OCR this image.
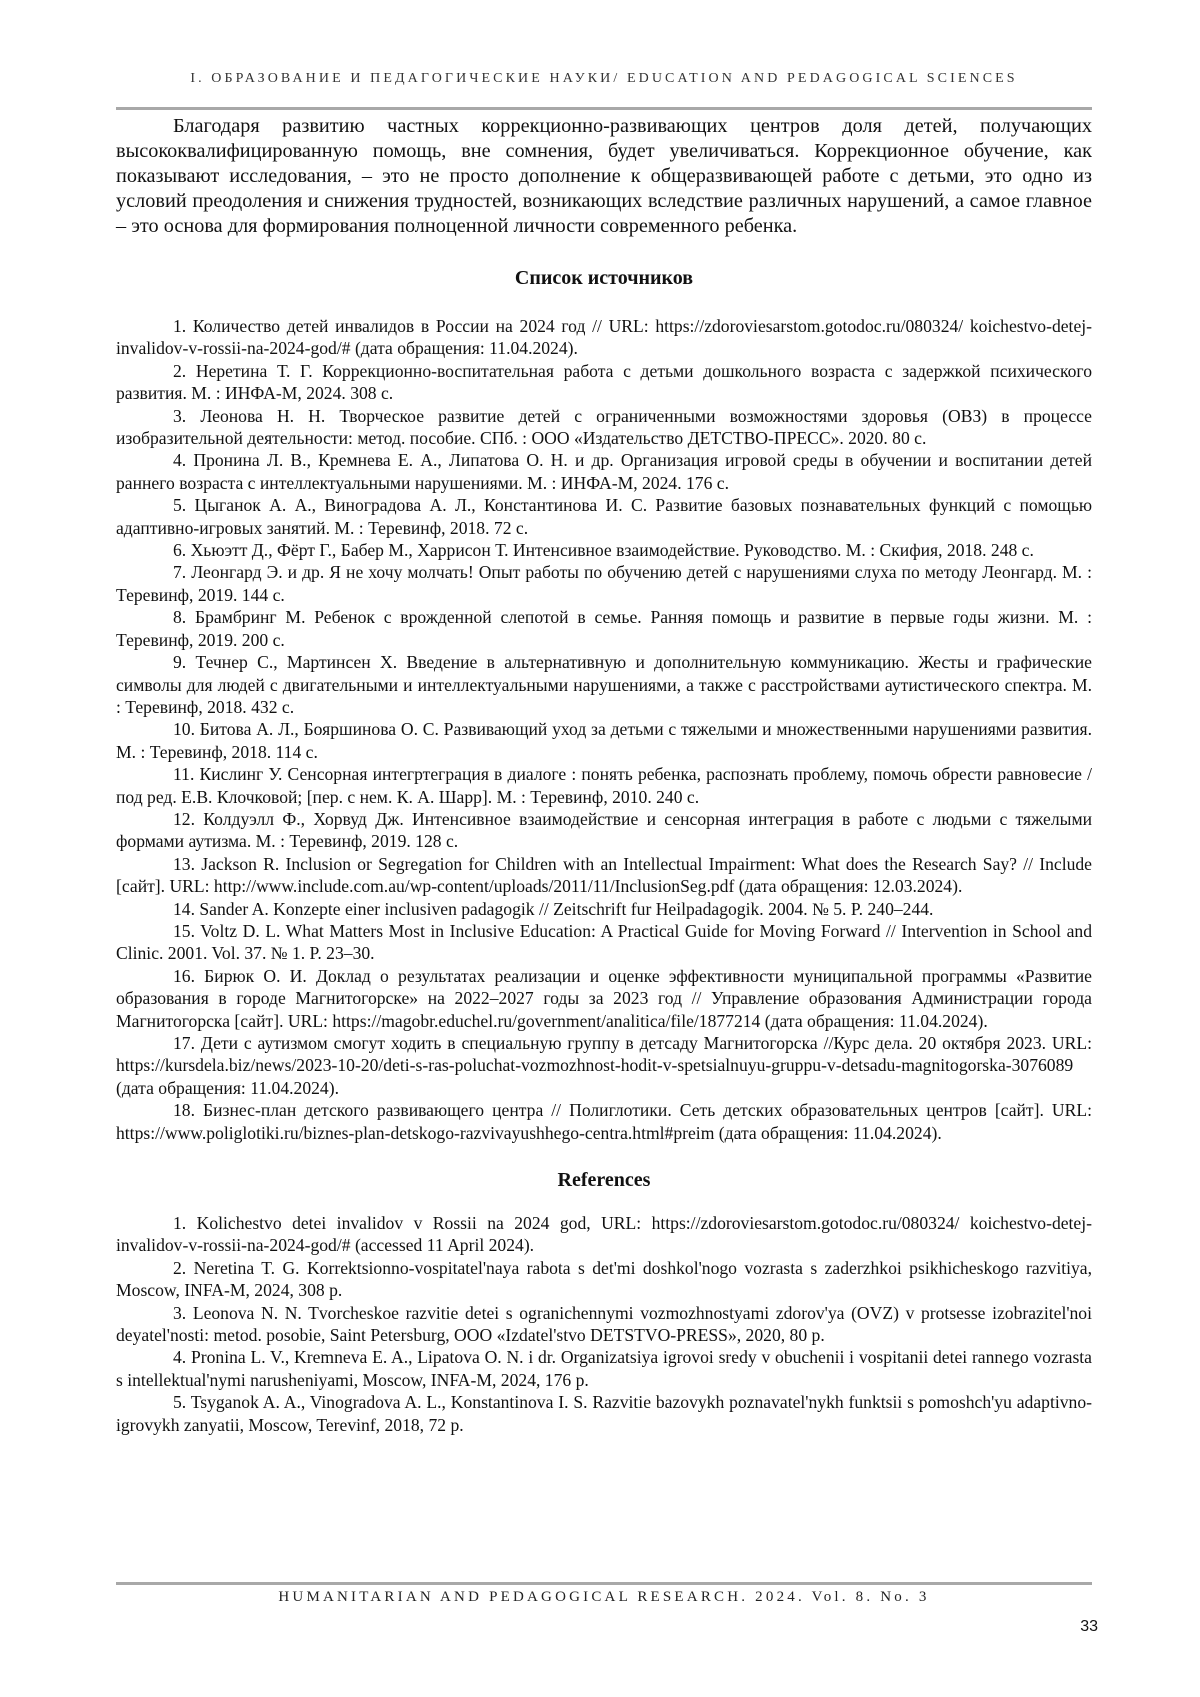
I. ОБРАЗОВАНИЕ И ПЕДАГОГИЧЕСКИЕ НАУКИ/ EDUCATION AND PEDAGOGICAL SCIENCES

Благодаря развитию частных коррекционно-развивающих центров доля детей, получающих высококвалифицированную помощь, вне сомнения, будет увеличиваться. Коррекционное обучение, как показывают исследования, – это не просто дополнение к общеразвивающей работе с детьми, это одно из условий преодоления и снижения трудностей, возникающих вследствие различных нарушений, а самое главное – это основа для формирования полноценной личности современного ребенка.

Список источников

1. Количество детей инвалидов в России на 2024 год // URL: https://zdoroviesarstom.gotodoc.ru/080324/ koichestvo-detej-invalidov-v-rossii-na-2024-god/# (дата обращения: 11.04.2024).

2. Неретина Т. Г. Коррекционно-воспитательная работа с детьми дошкольного возраста с задержкой психического развития. М. : ИНФА-М, 2024. 308 с.

3. Леонова Н. Н. Творческое развитие детей с ограниченными возможностями здоровья (ОВЗ) в процессе изобразительной деятельности: метод. пособие. СПб. : ООО «Издательство ДЕТСТВО-ПРЕСС». 2020. 80 с.

4. Пронина Л. В., Кремнева Е. А., Липатова О. Н. и др. Организация игровой среды в обучении и воспитании детей раннего возраста с интеллектуальными нарушениями. М. : ИНФА-М, 2024. 176 с.

5. Цыганок А. А., Виноградова А. Л., Константинова И. С. Развитие базовых познавательных функций с помощью адаптивно-игровых занятий. М. : Теревинф, 2018. 72 с.

6. Хьюэтт Д., Фёрт Г., Бабер М., Харрисон Т. Интенсивное взаимодействие. Руководство. М. : Скифия, 2018. 248 с.

7. Леонгард Э. и др. Я не хочу молчать! Опыт работы по обучению детей с нарушениями слуха по методу Леонгард. М. : Теревинф, 2019. 144 с.

8. Брамбринг М. Ребенок с врожденной слепотой в семье. Ранняя помощь и развитие в первые годы жизни. М. : Теревинф, 2019. 200 с.

9. Течнер С., Мартинсен Х. Введение в альтернативную и дополнительную коммуникацию. Жесты и графические символы для людей с двигательными и интеллектуальными нарушениями, а также с расстройствами аутистического спектра. М. : Теревинф, 2018. 432 с.

10. Битова А. Л., Бояршинова О. С. Развивающий уход за детьми с тяжелыми и множественными нарушениями развития. М. : Теревинф, 2018. 114 с.

11. Кислинг У. Сенсорная интегртеграция в диалоге : понять ребенка, распознать проблему, помочь обрести равновесие / под ред. Е.В. Клочковой; [пер. с нем. К. А. Шарр]. М. : Теревинф, 2010. 240 с.

12. Колдуэлл Ф., Хорвуд Дж. Интенсивное взаимодействие и сенсорная интеграция в работе с людьми с тяжелыми формами аутизма. М. : Теревинф, 2019. 128 с.

13. Jackson R. Inclusion or Segregation for Children with an Intellectual Impairment: What does the Research Say? // Include [сайт]. URL: http://www.include.com.au/wp-content/uploads/2011/11/InclusionSeg.pdf (дата обращения: 12.03.2024).

14. Sander A. Konzepte einer inclusiven padagogik // Zeitschrift fur Heilpadagogik. 2004. № 5. P. 240–244.

15. Voltz D. L. What Matters Most in Inclusive Education: A Practical Guide for Moving Forward // Intervention in School and Clinic. 2001. Vol. 37. № 1. P. 23–30.

16. Бирюк О. И. Доклад о результатах реализации и оценке эффективности муниципальной программы «Развитие образования в городе Магнитогорске» на 2022–2027 годы за 2023 год // Управление образования Администрации города Магнитогорска [сайт]. URL: https://magobr.educhel.ru/government/analitica/file/1877214 (дата обращения: 11.04.2024).

17. Дети с аутизмом смогут ходить в специальную группу в детсаду Магнитогорска //Курс дела. 20 октября 2023. URL: https://kursdela.biz/news/2023-10-20/deti-s-ras-poluchat-vozmozhnost-hodit-v-spetsialnuyu-gruppu-v-detsadu-magnitogorska-3076089 (дата обращения: 11.04.2024).

18. Бизнес-план детского развивающего центра // Полиглотики. Сеть детских образовательных центров [сайт]. URL: https://www.poliglotiki.ru/biznes-plan-detskogo-razvivayushhego-centra.html#preim (дата обращения: 11.04.2024).

References

1. Kolichestvo detei invalidov v Rossii na 2024 god, URL: https://zdoroviesarstom.gotodoc.ru/080324/ koichestvo-detej-invalidov-v-rossii-na-2024-god/# (accessed 11 April 2024).

2. Neretina T. G. Korrektsionno-vospitatel'naya rabota s det'mi doshkol'nogo vozrasta s zaderzhkoi psikhicheskogo razvitiya, Moscow, INFA-M, 2024, 308 p.

3. Leonova N. N. Tvorcheskoe razvitie detei s ogranichennymi vozmozhnostyami zdorov'ya (OVZ) v protsesse izobrazitel'noi deyatel'nosti: metod. posobie, Saint Petersburg, OOO «Izdatel'stvo DETSTVO-PRESS», 2020, 80 p.

4. Pronina L. V., Kremneva E. A., Lipatova O. N. i dr. Organizatsiya igrovoi sredy v obuchenii i vospitanii detei rannego vozrasta s intellektual'nymi narusheniyami, Moscow, INFA-M, 2024, 176 p.

5. Tsyganok A. A., Vinogradova A. L., Konstantinova I. S. Razvitie bazovykh poznavatel'nykh funktsii s pomoshch'yu adaptivno-igrovykh zanyatii, Moscow, Terevinf, 2018, 72 p.

HUMANITARIAN AND PEDAGOGICAL RESEARCH. 2024. Vol. 8. No. 3
33
